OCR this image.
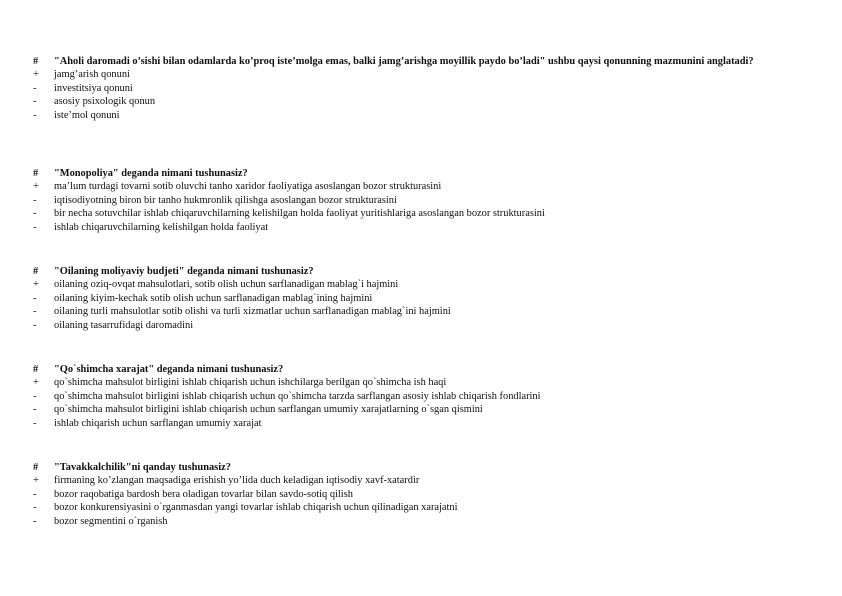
#	"Aholi daromadi o’sishi bilan odamlarda ko’proq iste’molga emas, balki jamg’arishga moyillik paydo bo’ladi" ushbu qaysi qonunning mazmunini anglatadi?
+	jamg’arish qonuni
-	investitsiya qonuni
-	asosiy psixologik qonun
-	iste’mol qonuni
#	"Monopoliya" deganda nimani tushunasiz?
+	ma’lum turdagi tovarni sotib oluvchi tanho xaridor faoliyatiga asoslangan bozor strukturasini
-	iqtisodiyotning biron bir tanho hukmronlik qilishga asoslangan bozor strukturasini
-	bir necha sotuvchilar ishlab chiqaruvchilarning kelishilgan holda faoliyat yuritishlariga asoslangan bozor strukturasini
-	ishlab chiqaruvchilarning kelishilgan holda faoliyat
#	"Oilaning moliyaviy budjeti" deganda nimani tushunasiz?
+	oilaning oziq-ovqat mahsulotlari, sotib olish uchun sarflanadigan mablag`i hajmini
-	oilaning kiyim-kechak sotib olish uchun sarflanadigan mablag`ining hajmini
-	oilaning turli mahsulotlar sotib olishi va turli xizmatlar uchun sarflanadigan mablag`ini hajmini
-	oilaning tasarrufidagi daromadini
#	"Qo`shimcha xarajat" deganda nimani tushunasiz?
+	qo`shimcha mahsulot birligini ishlab chiqarish uchun ishchilarga berilgan qo`shimcha ish haqi
-	qo`shimcha mahsulot birligini ishlab chiqarish uchun qo`shimcha tarzda sarflangan asosiy ishlab chiqarish fondlarini
-	qo`shimcha mahsulot birligini ishlab chiqarish uchun sarflangan umumiy xarajatlarning o`sgan qismini
-	ishlab chiqarish uchun sarflangan umumiy xarajat
#	"Tavakkalchilik"ni qanday tushunasiz?
+	firmaning ko’zlangan maqsadiga erishish yo’lida duch keladigan iqtisodiy xavf-xatardir
-	bozor raqobatiga bardosh bera oladigan tovarlar bilan savdo-sotiq qilish
-	bozor konkurensiyasini o`rganmasdan yangi tovarlar ishlab chiqarish uchun qilinadigan xarajatni
-	bozor segmentini o`rganish
